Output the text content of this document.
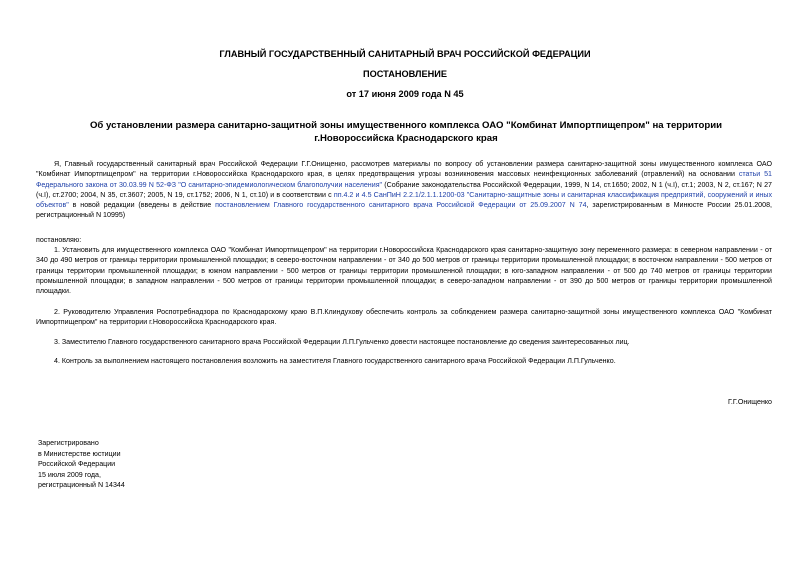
ГЛАВНЫЙ ГОСУДАРСТВЕННЫЙ САНИТАРНЫЙ ВРАЧ РОССИЙСКОЙ ФЕДЕРАЦИИ
ПОСТАНОВЛЕНИЕ
от 17 июня 2009 года N 45
Об установлении размера санитарно-защитной зоны имущественного комплекса ОАО "Комбинат Импортпищепром" на территории г.Новороссийска Краснодарского края
Я, Главный государственный санитарный врач Российской Федерации Г.Г.Онищенко, рассмотрев материалы по вопросу об установлении размера санитарно-защитной зоны имущественного комплекса ОАО "Комбинат Импортпищепром" на территории г.Новороссийска Краснодарского края, в целях предотвращения угрозы возникновения массовых неинфекционных заболеваний (отравлений) на основании статьи 51 Федерального закона от 30.03.99 N 52-ФЗ "О санитарно-эпидемиологическом благополучии населения" (Собрание законодательства Российской Федерации, 1999, N 14, ст.1650; 2002, N 1 (ч.I), ст.1; 2003, N 2, ст.167; N 27 (ч.I), ст.2700; 2004, N 35, ст.3607; 2005, N 19, ст.1752; 2006, N 1, ст.10) и в соответствии с пп.4.2 и 4.5 СанПиН 2.2.1/2.1.1.1200-03 "Санитарно-защитные зоны и санитарная классификация предприятий, сооружений и иных объектов" в новой редакции (введены в действие постановлением Главного государственного санитарного врача Российской Федерации от 25.09.2007 N 74, зарегистрированным в Минюсте России 25.01.2008, регистрационный N 10995)
постановляю:
1. Установить для имущественного комплекса ОАО "Комбинат Импортпищепром" на территории г.Новороссийска Краснодарского края санитарно-защитную зону переменного размера: в северном направлении - от 340 до 490 метров от границы территории промышленной площадки; в северо-восточном направлении - от 340 до 500 метров от границы территории промышленной площадки; в восточном направлении - 500 метров от границы территории промышленной площадки; в южном направлении - 500 метров от границы территории промышленной площадки; в юго-западном направлении - от 500 до 740 метров от границы территории промышленной площадки; в западном направлении - 500 метров от границы территории промышленной площадки; в северо-западном направлении - от 390 до 500 метров от границы территории промышленной площадки.
2. Руководителю Управления Роспотребнадзора по Краснодарскому краю В.П.Клиндухову обеспечить контроль за соблюдением размера санитарно-защитной зоны имущественного комплекса ОАО "Комбинат Импортпищепром" на территории г.Новороссийска Краснодарского края.
3. Заместителю Главного государственного санитарного врача Российской Федерации Л.П.Гульченко довести настоящее постановление до сведения заинтересованных лиц.
4. Контроль за выполнением настоящего постановления возложить на заместителя Главного государственного санитарного врача Российской Федерации Л.П.Гульченко.
Г.Г.Онищенко
Зарегистрировано
в Министерстве юстиции
Российской Федерации
15 июля 2009 года,
регистрационный N 14344
